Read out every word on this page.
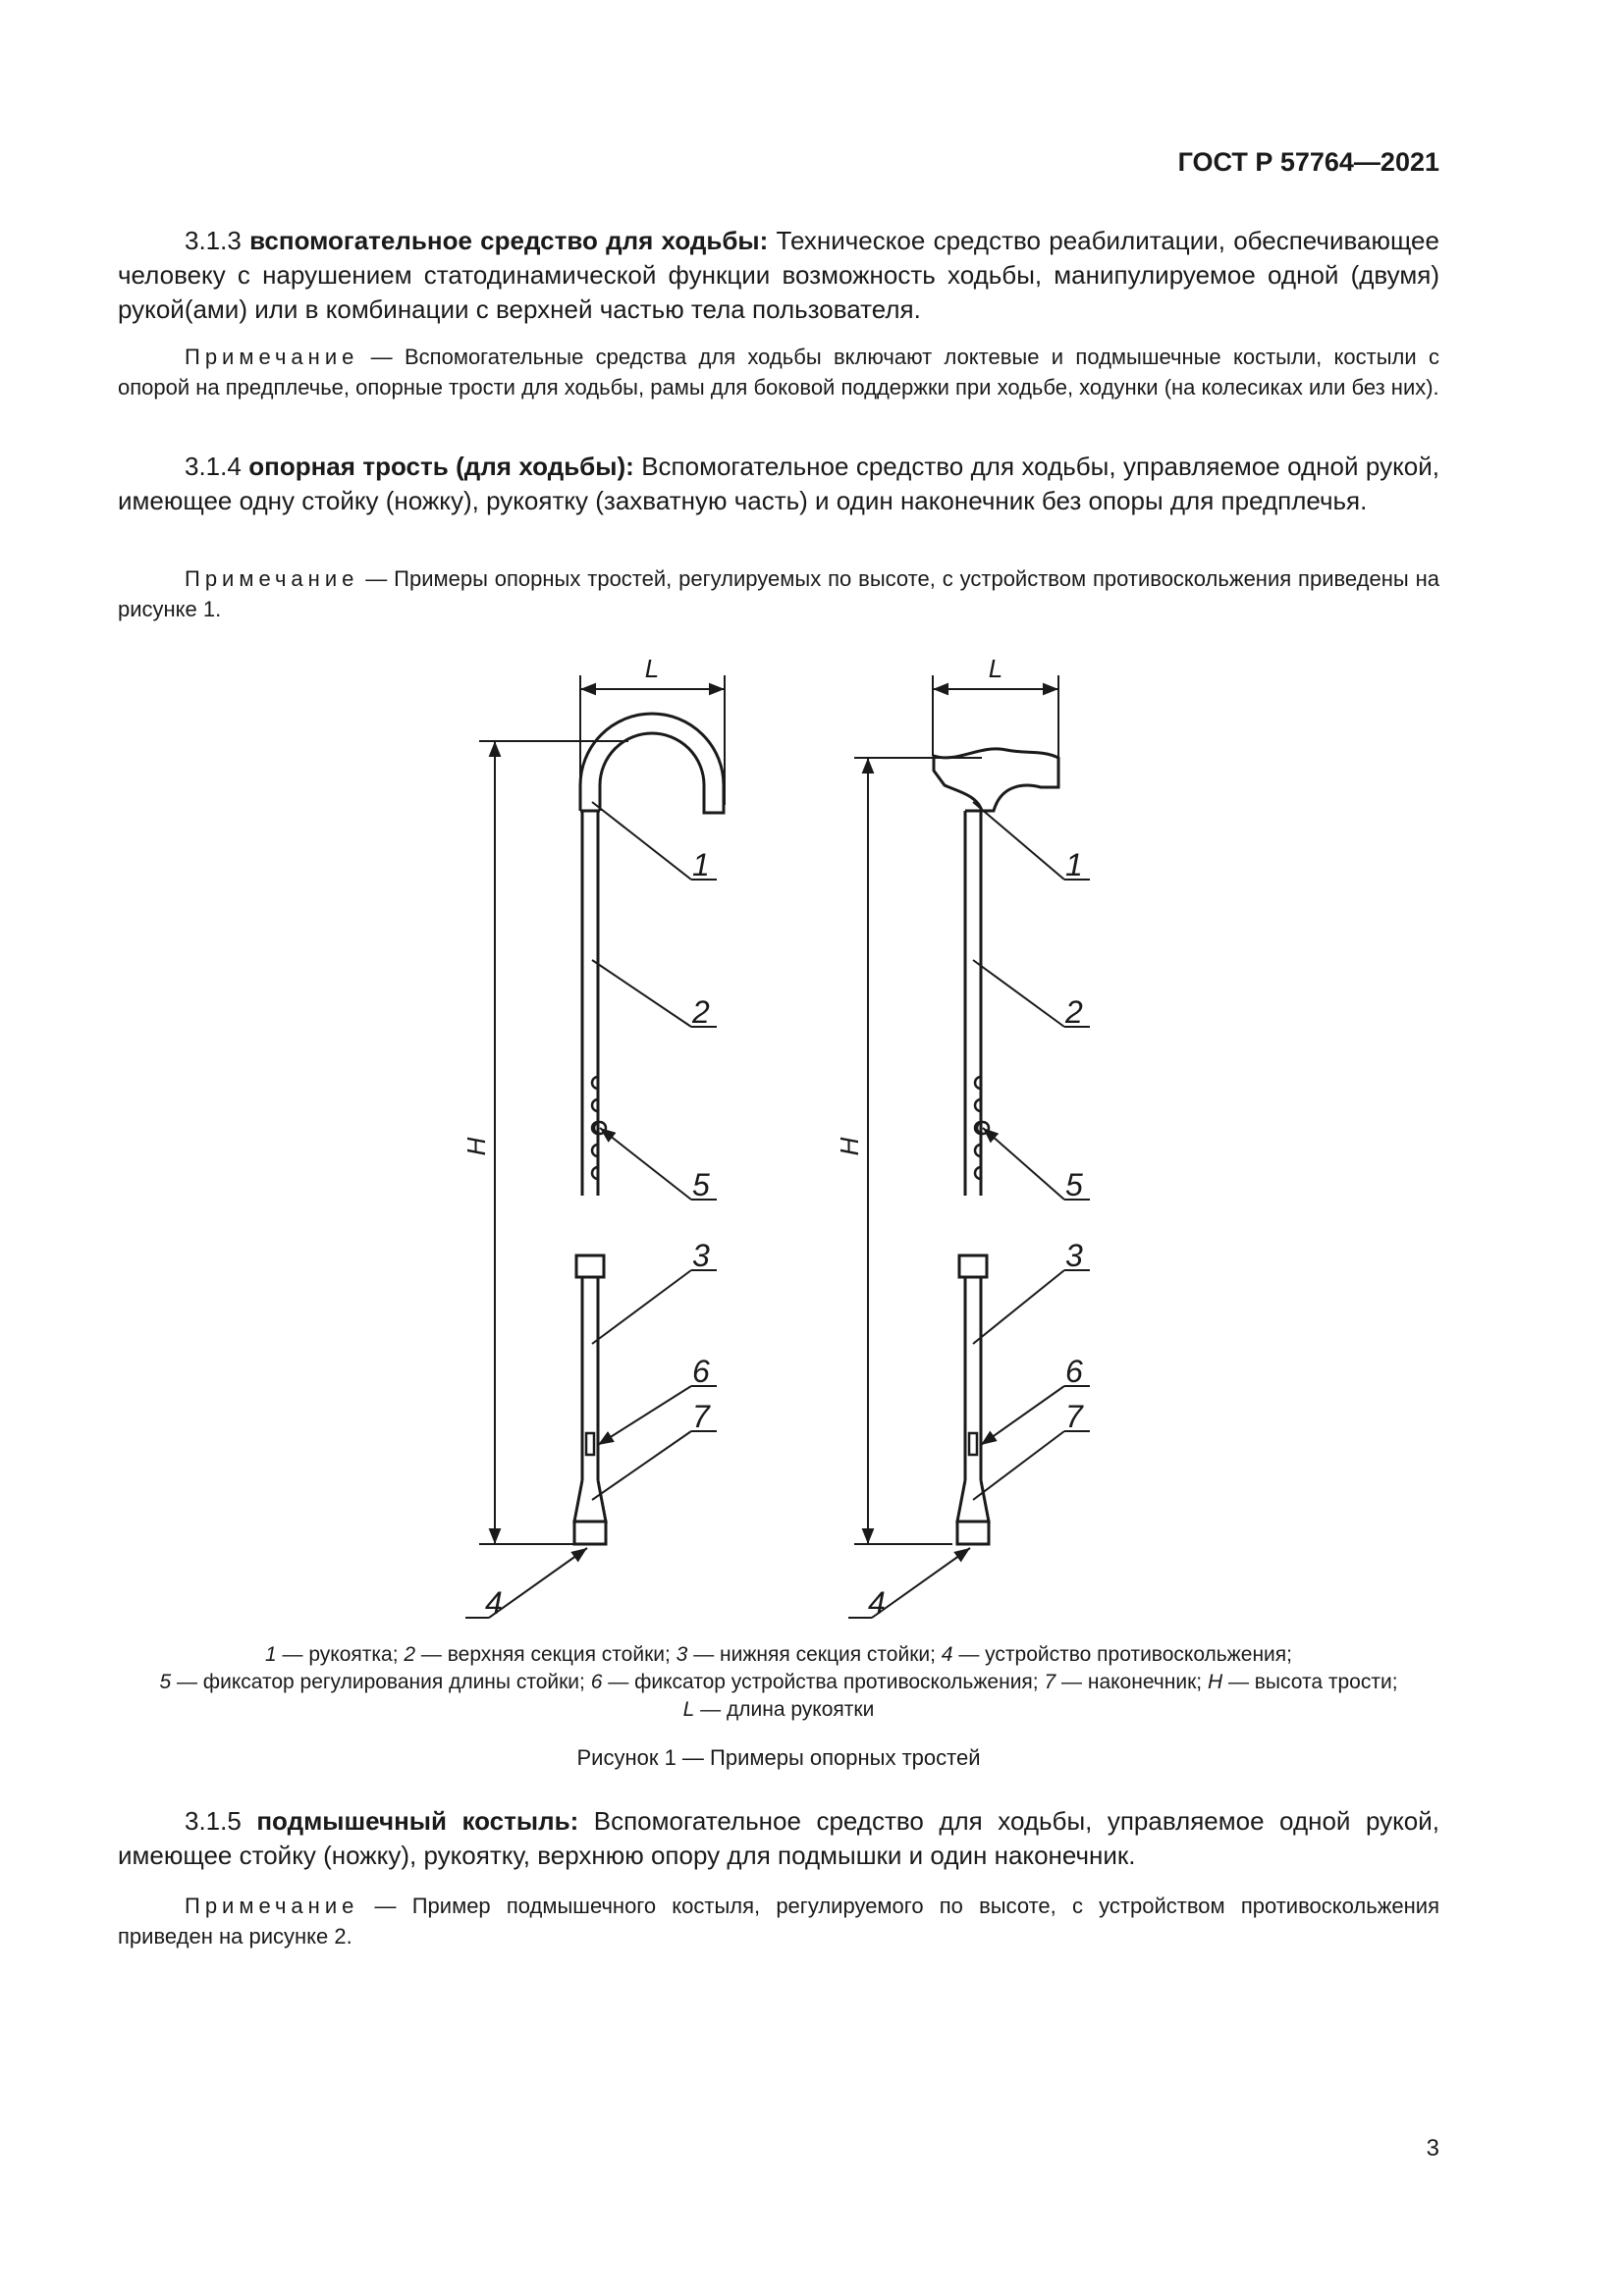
ГОСТ Р 57764—2021

3.1.3 вспомогательное средство для ходьбы: Техническое средство реабилитации, обеспечивающее человеку с нарушением статодинамической функции возможность ходьбы, манипулируемое одной (двумя) рукой(ами) или в комбинации с верхней частью тела пользователя.

Примечание — Вспомогательные средства для ходьбы включают локтевые и подмышечные костыли, костыли с опорой на предплечье, опорные трости для ходьбы, рамы для боковой поддержки при ходьбе, ходунки (на колесиках или без них).

3.1.4 опорная трость (для ходьбы): Вспомогательное средство для ходьбы, управляемое одной рукой, имеющее одну стойку (ножку), рукоятку (захватную часть) и один наконечник без опоры для предплечья.

Примечание — Примеры опорных тростей, регулируемых по высоте, с устройством противоскольжения приведены на рисунке 1.

L
H
1
2
5
3
6
7
4
L
H
1
2
5
3
6
7
4
1 — рукоятка; 2 — верхняя секция стойки; 3 — нижняя секция стойки; 4 — устройство противоскольжения;
5 — фиксатор регулирования длины стойки; 6 — фиксатор устройства противоскольжения; 7 — наконечник; H — высота трости;
L — длина рукоятки
Рисунок 1 — Примеры опорных тростей

3.1.5 подмышечный костыль: Вспомогательное средство для ходьбы, управляемое одной рукой, имеющее стойку (ножку), рукоятку, верхнюю опору для подмышки и один наконечник.

Примечание — Пример подмышечного костыля, регулируемого по высоте, с устройством противоскольжения приведен на рисунке 2.

3
